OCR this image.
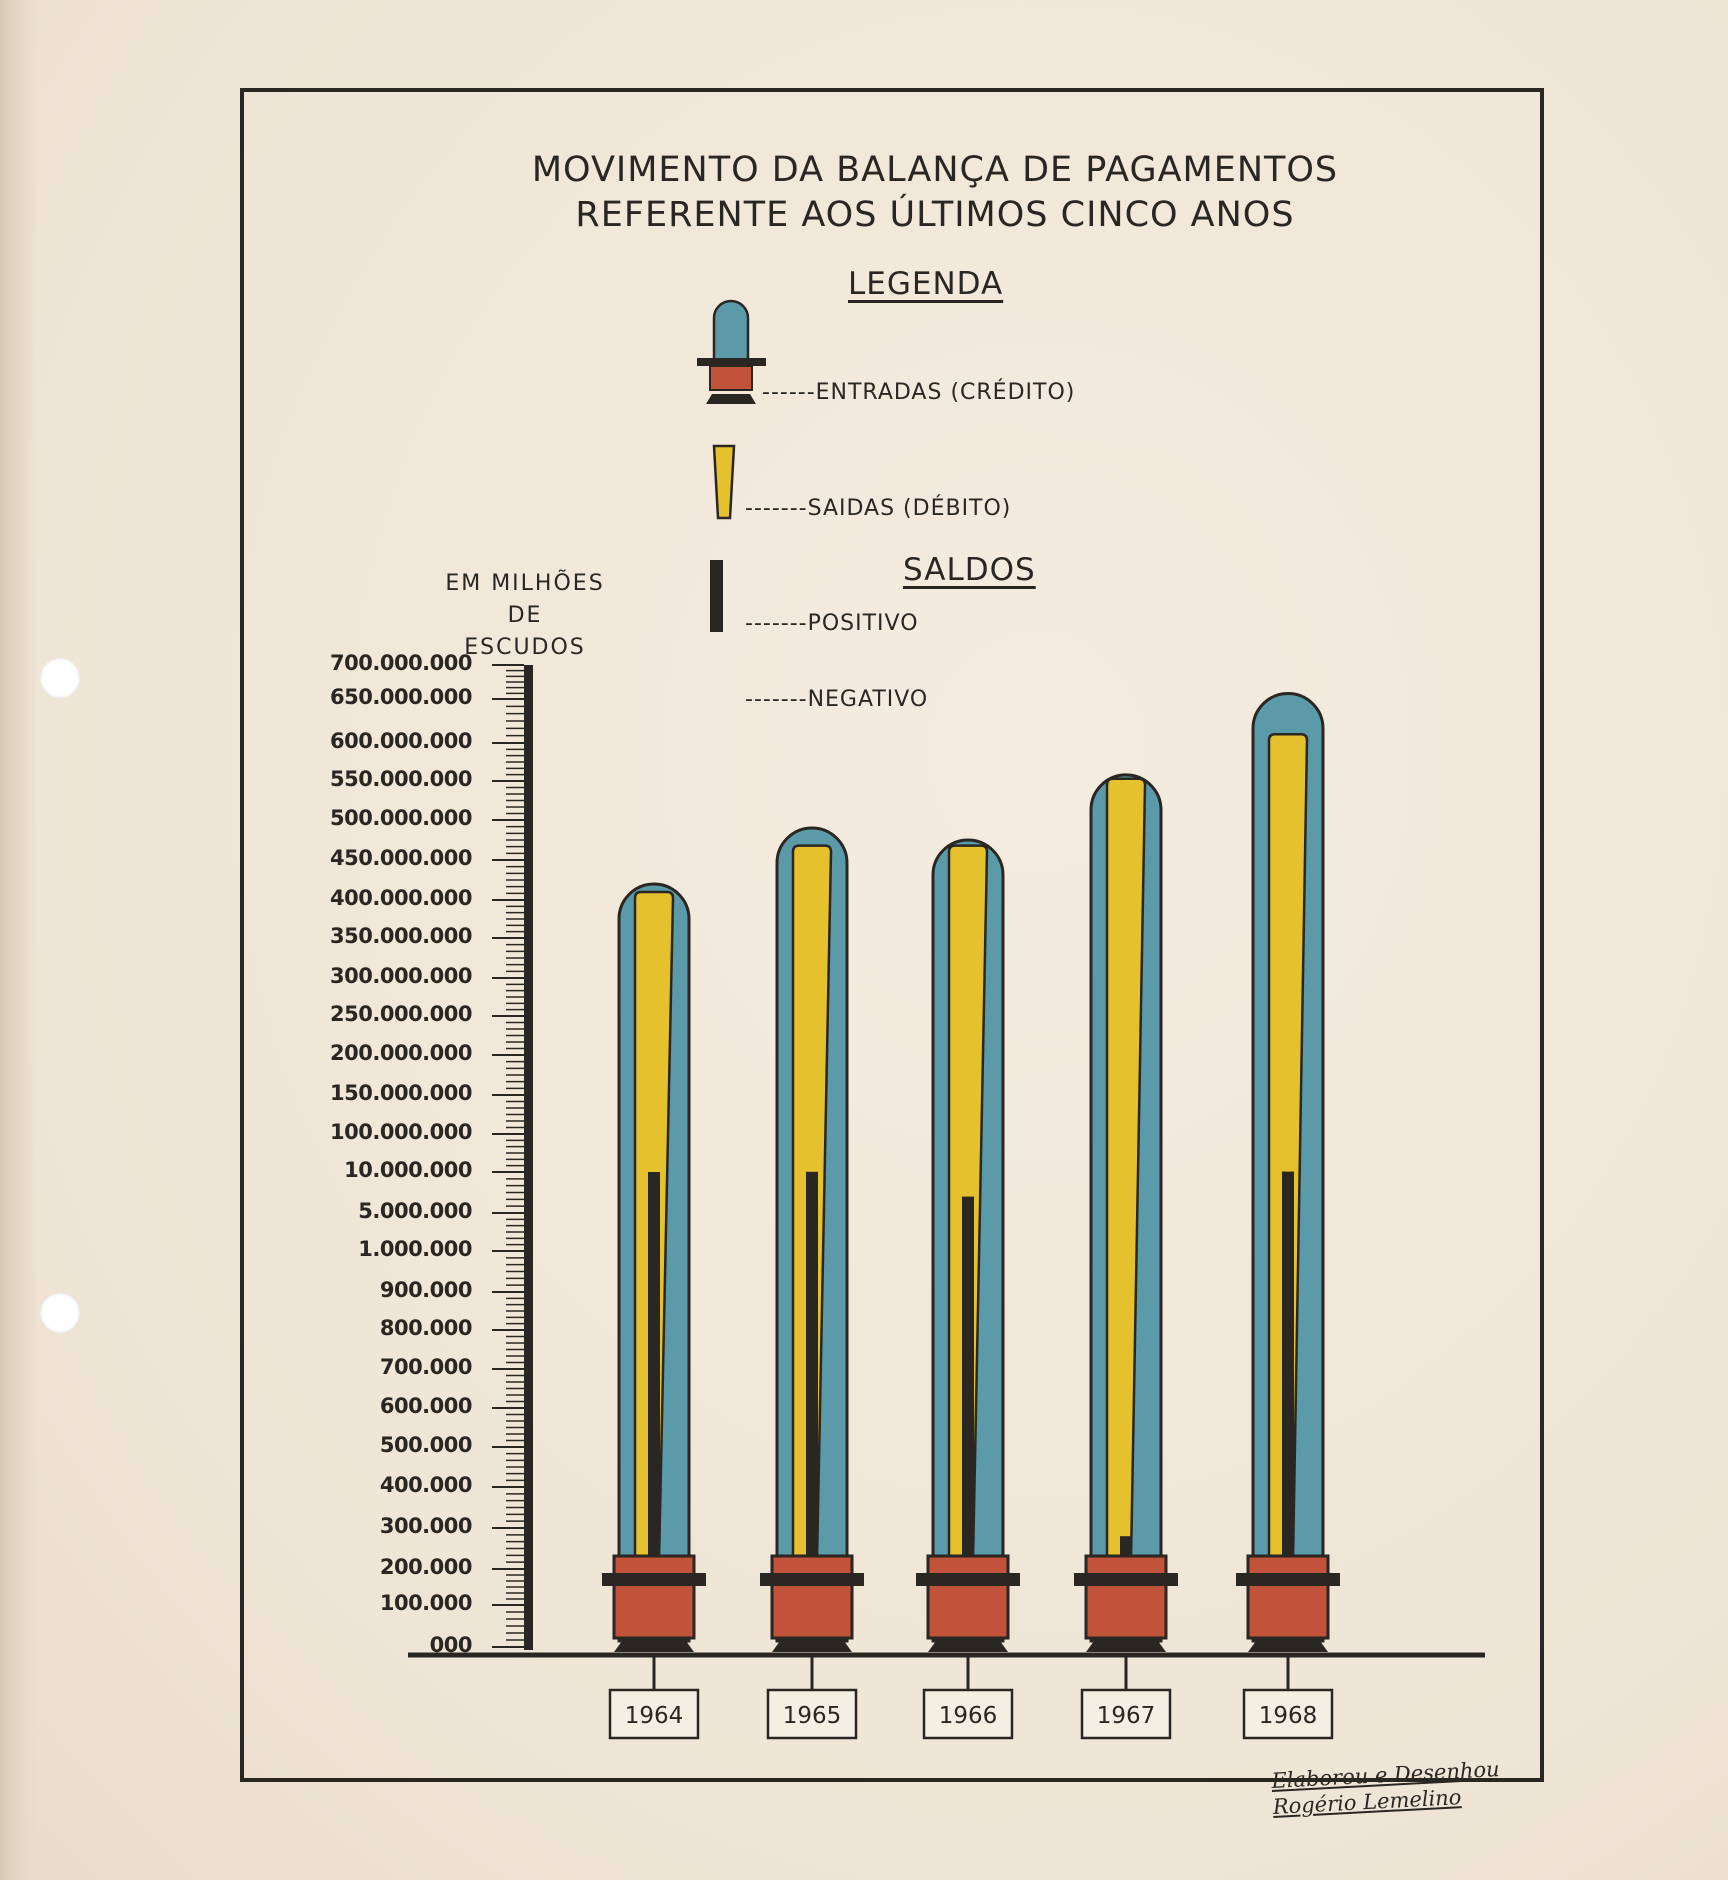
MOVIMENTO DA BALANÇA DE PAGAMENTOS
REFERENTE AOS ÚLTIMOS CINCO ANOS
LEGENDA
------ENTRADAS (CRÉDITO)
-------SAIDAS (DÉBITO)
SALDOS
-------POSITIVO
-------NEGATIVO
EM MILHÕES
DE
ESCUDOS
000
100.000
200.000
300.000
400.000
500.000
600.000
700.000
800.000
900.000
1.000.000
5.000.000
10.000.000
100.000.000
150.000.000
200.000.000
250.000.000
300.000.000
350.000.000
400.000.000
450.000.000
500.000.000
550.000.000
600.000.000
650.000.000
700.000.000
1964	1965	1966	1967	1968
Elaborou e Desenhou
Rogério Lemelino
